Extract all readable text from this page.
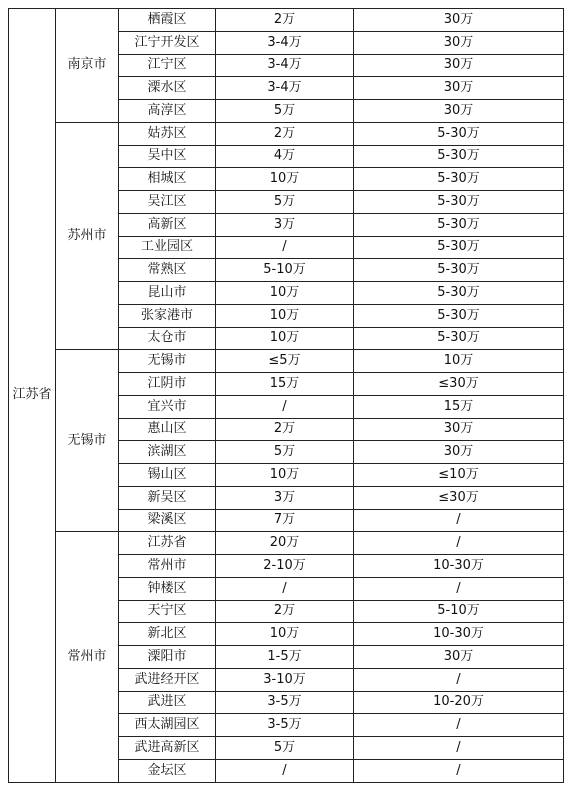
江苏省	南京市	栖霞区	2万	30万
		江宁开发区	3-4万	30万
		江宁区	3-4万	30万
		溧水区	3-4万	30万
		高淳区	5万	30万
	苏州市	姑苏区	2万	5-30万
		吴中区	4万	5-30万
		相城区	10万	5-30万
		吴江区	5万	5-30万
		高新区	3万	5-30万
		工业园区	/	5-30万
		常熟区	5-10万	5-30万
		昆山市	10万	5-30万
		张家港市	10万	5-30万
		太仓市	10万	5-30万
	无锡市	无锡市	≤5万	10万
		江阴市	15万	≤30万
		宜兴市	/	15万
		惠山区	2万	30万
		滨湖区	5万	30万
		锡山区	10万	≤10万
		新吴区	3万	≤30万
		梁溪区	7万	/
	常州市	江苏省	20万	/
		常州市	2-10万	10-30万
		钟楼区	/	/
		天宁区	2万	5-10万
		新北区	10万	10-30万
		溧阳市	1-5万	30万
		武进经开区	3-10万	/
		武进区	3-5万	10-20万
		西太湖园区	3-5万	/
		武进高新区	5万	/
		金坛区	/	/
